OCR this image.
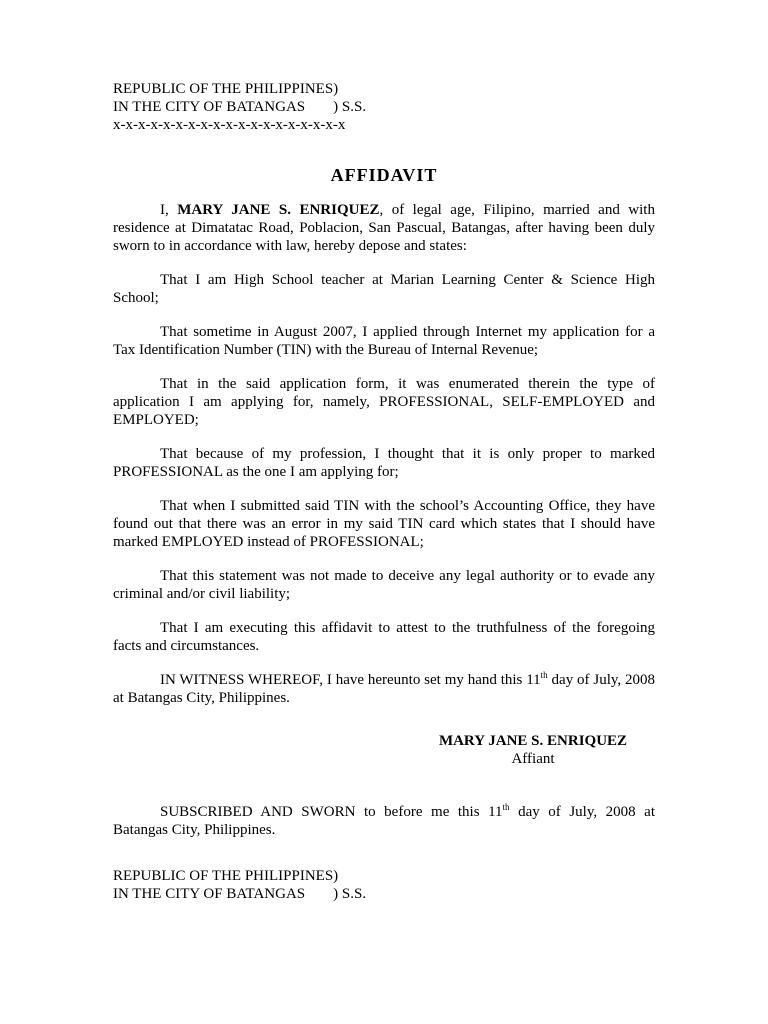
REPUBLIC OF THE PHILIPPINES)
IN THE CITY OF BATANGAS ) S.S.
x-x-x-x-x-x-x-x-x-x-x-x-x-x-x-x-x-x-x
AFFIDAVIT

I, MARY JANE S. ENRIQUEZ, of legal age, Filipino, married and with residence at Dimatatac Road, Poblacion, San Pascual, Batangas, after having been duly sworn to in accordance with law, hereby depose and states:

That I am High School teacher at Marian Learning Center & Science High School;

That sometime in August 2007, I applied through Internet my application for a Tax Identification Number (TIN) with the Bureau of Internal Revenue;

That in the said application form, it was enumerated therein the type of application I am applying for, namely, PROFESSIONAL, SELF-EMPLOYED and EMPLOYED;

That because of my profession, I thought that it is only proper to marked PROFESSIONAL as the one I am applying for;

That when I submitted said TIN with the school’s Accounting Office, they have found out that there was an error in my said TIN card which states that I should have marked EMPLOYED instead of PROFESSIONAL;

That this statement was not made to deceive any legal authority or to evade any criminal and/or civil liability;

That I am executing this affidavit to attest to the truthfulness of the foregoing facts and circumstances.

IN WITNESS WHEREOF, I have hereunto set my hand this 11th day of July, 2008 at Batangas City, Philippines.

MARY JANE S. ENRIQUEZ
Affiant

SUBSCRIBED AND SWORN to before me this 11th day of July, 2008 at Batangas City, Philippines.

REPUBLIC OF THE PHILIPPINES)
IN THE CITY OF BATANGAS ) S.S.
